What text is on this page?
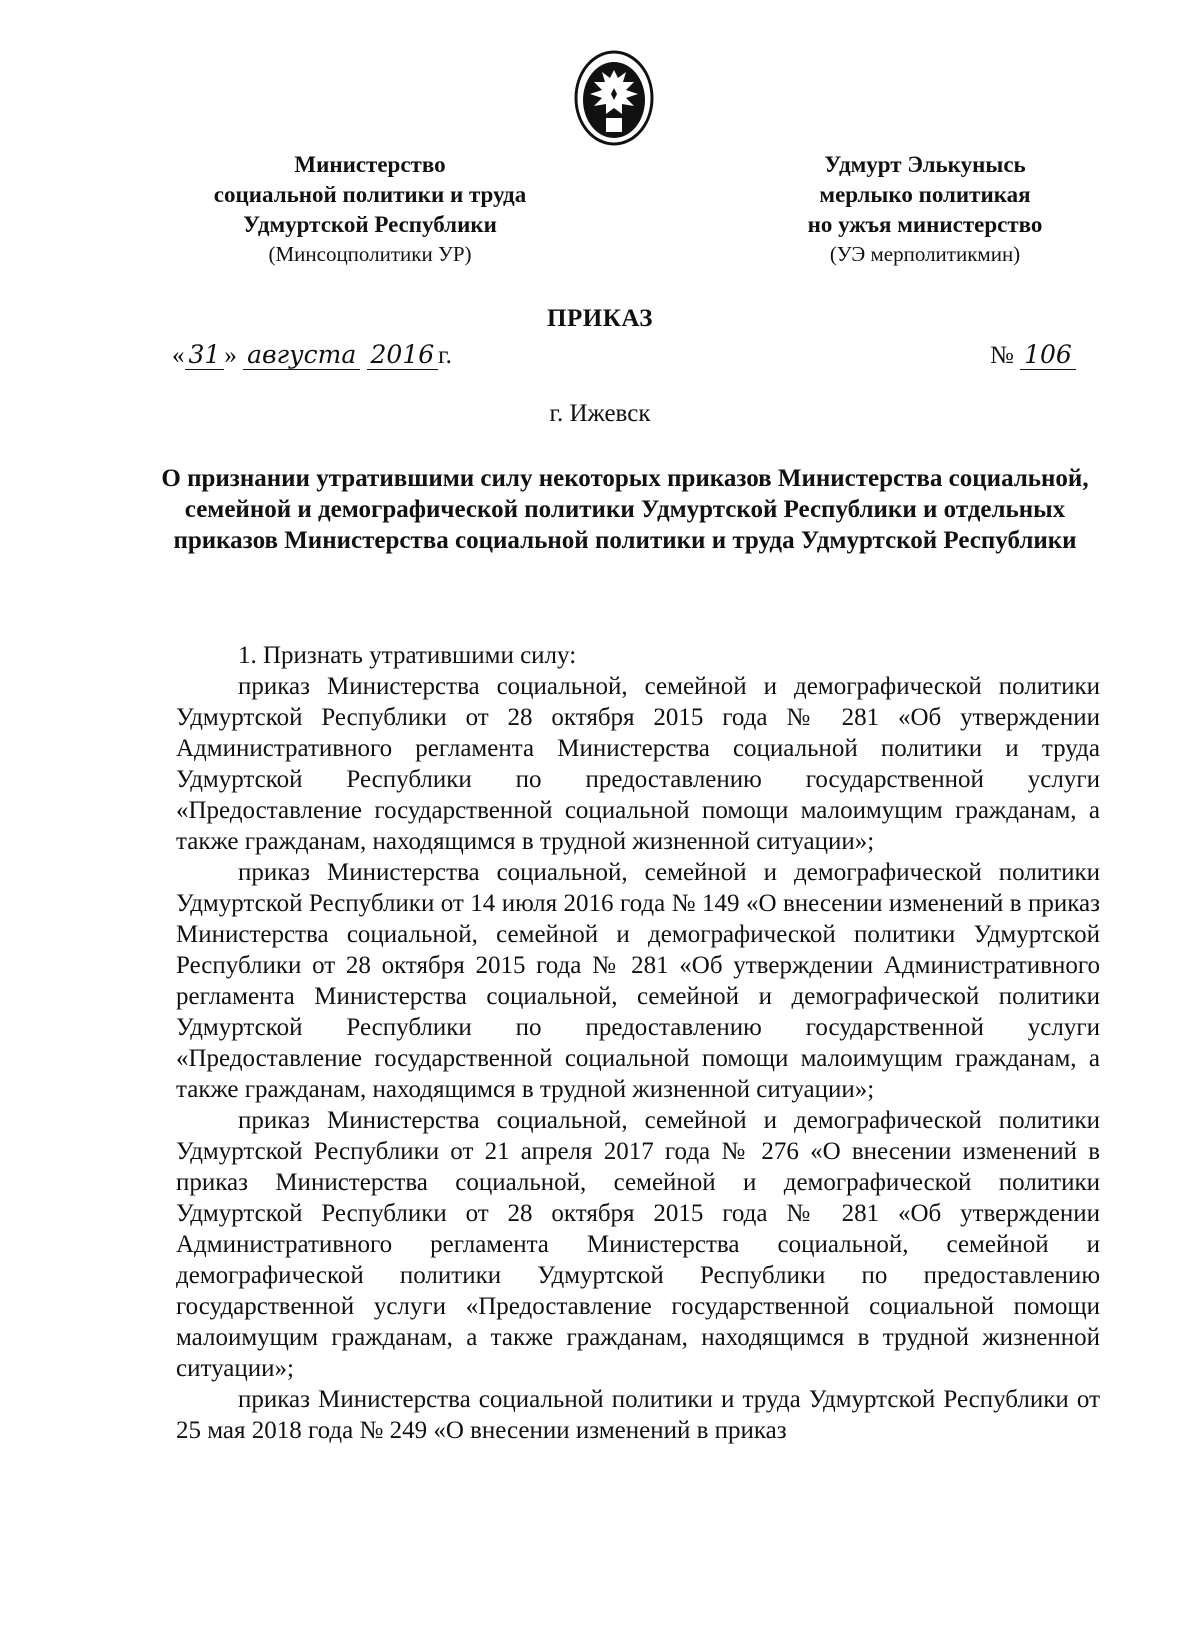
Министерство
социальной политики и труда
Удмуртской Республики
(Минсоцполитики УР)
Удмурт Элькунысь
мерлыко политикая
но ужъя министерство
(УЭ мерполитикмин)
ПРИКАЗ
« 31 » августа 2016 г.	№ 106
г. Ижевск
О признании утратившими силу некоторых приказов Министерства социальной, семейной и демографической политики Удмуртской Республики и отдельных приказов Министерства социальной политики и труда Удмуртской Республики

1. Признать утратившими силу:

приказ Министерства социальной, семейной и демографической политики Удмуртской Республики от 28 октября 2015 года № 281 «Об утверждении Административного регламента Министерства социальной политики и труда Удмуртской Республики по предоставлению государственной услуги «Предоставление государственной социальной помощи малоимущим гражданам, а также гражданам, находящимся в трудной жизненной ситуации»;

приказ Министерства социальной, семейной и демографической политики Удмуртской Республики от 14 июля 2016 года № 149 «О внесении изменений в приказ Министерства социальной, семейной и демографической политики Удмуртской Республики от 28 октября 2015 года № 281 «Об утверждении Административного регламента Министерства социальной, семейной и демографической политики Удмуртской Республики по предоставлению государственной услуги «Предоставление государственной социальной помощи малоимущим гражданам, а также гражданам, находящимся в трудной жизненной ситуации»;

приказ Министерства социальной, семейной и демографической политики Удмуртской Республики от 21 апреля 2017 года № 276 «О внесении изменений в приказ Министерства социальной, семейной и демографической политики Удмуртской Республики от 28 октября 2015 года № 281 «Об утверждении Административного регламента Министерства социальной, семейной и демографической политики Удмуртской Республики по предоставлению государственной услуги «Предоставление государственной социальной помощи малоимущим гражданам, а также гражданам, находящимся в трудной жизненной ситуации»;

приказ Министерства социальной политики и труда Удмуртской Республики от 25 мая 2018 года № 249 «О внесении изменений в приказ
